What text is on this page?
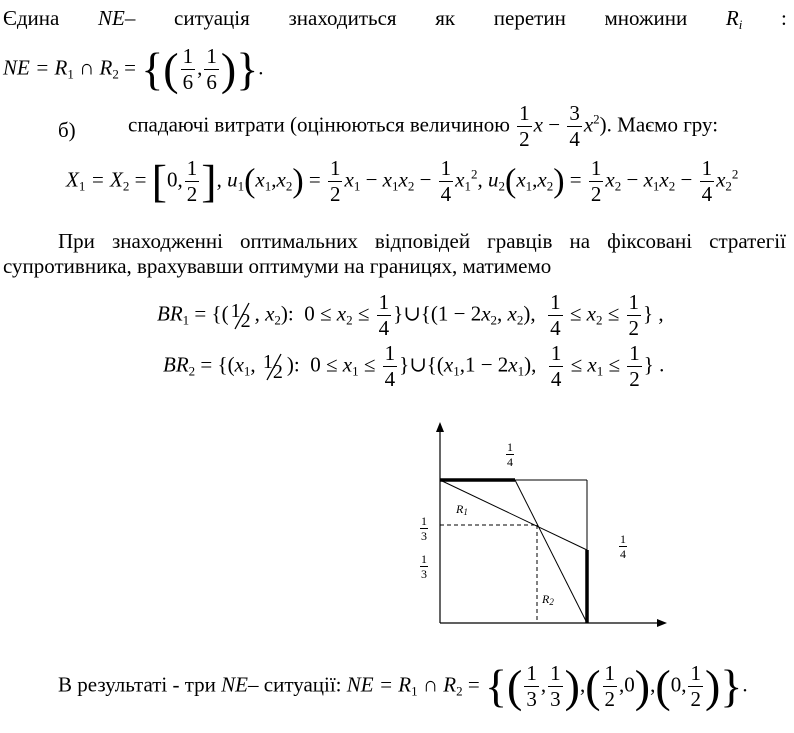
Єдина NE– ситуація знаходиться як перетин множини $R_i$ :
NE = $R_1$ ∩ $R_2$ = {( $\frac{1}{6}$ , $\frac{1}{6}$ )}.
б) спадаючі витрати (оцінюються величиною $\frac{1}{2}$ $x - \frac{3}{4} x^2$). Маємо гру:
$X_1 = X_2 = [0$, $\frac{1}{2}$ ], $u_1(x_1,x_2) = \frac{1}{2} x_1 - x_1x_2 - \frac{1}{4} x_1^2$, $u_2(x_1,x_2) = \frac{1}{2} x_2 - x_1x_2 - \frac{1}{4} x_2^2$
При знаходженні оптимальних відповідей гравців на фіксовані стратегії
супротивника, врахувавши оптимуми на границях, матимемо
$BR_1$ = {( 1 2 , $x_2$):  $0 \le x_2 \le \frac{1}{4}$ }∪{(1 − $2x_2$, $x_2$), $\frac{1}{4} \le x_2 \le \frac{1}{2}$ } ,
$BR_2 = \{(x_1$, 1 2 ):  $0 \le x_1 \le \frac{1}{4}$ }$\cup\{(x_1,1 - 2x_1)$, $\frac{1}{4} \le x_1 \le \frac{1}{2}$ } .
$\frac{1}{4}$
$\frac{1}{4}$
$\frac{1}{3}$
$\frac{1}{3}$
$R_1$
$R_2$
В результаті - три NE– ситуації: NE = $R_1$ ∩ $R_2$ = {( $\frac{1}{3}$ , $\frac{1}{3}$ ),( $\frac{1}{2} ,0),(0$, $\frac{1}{2}$ )}.
